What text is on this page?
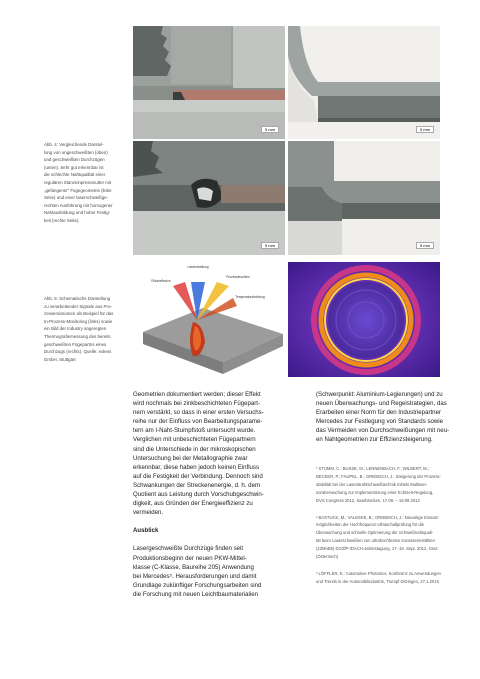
5 mm	5 mm
5 mm	5 mm

Abb. 4: Vergleichende Darstel-
lung von ungeschweißten (oben)
und geschweißten Durchzügen
(unten). Sehr gut erkennbar ist
die schlechte Nahtqualität einer
regulären Stanzeinpressmutter mit
„gefangener“ Fügegeometrie (linke
Seite) und einer laserschweißge-
rechten Ausführung mit homogener
Nahtausbildung und hoher Festig-
keit (rechte Seite).

Rückreflexion
Laserstrahlung
Prozessleuchten
Temperaturstrahlung

Abb. 5: Schematische Darstellung
zu verarbeitender Signale aus Pro-
zessemissionen als Beispiel für das
In-Prozess-Monitoring (links) sowie
ein Bild der Industry angeregten
Thermografiemessung des bereits
geschweißten Fügepartns eines
Durchzugs (rechts). Quelle: edevis
GmbH, Stuttgart

Geometrien dokumentiert werden; dieser Effekt
wird nochmals bei zinkbeschichteten Fügepart-
nern verstärkt, so dass in einer ersten Versuchs-
reihe nur der Einfluss von Bearbeitungsparame-
tern am I-Naht-Stumpfstoß untersucht wurde.
Verglichen mit unbeschichteten Fügepartnern
sind die Unterschiede in der mikroskopischen
Untersuchung bei der Metallographie zwar
erkennbar, diese haben jedoch keinen Einfluss
auf die Festigkeit der Verbindung. Dennoch sind
Schwankungen der Streckenenergie, d. h. dem
Quotient aus Leistung durch Vorschubgeschwin-
digkeit, aus Gründen der Energieeffizienz zu
vermeiden.

Ausblick

Lasergeschweißte Durchzüge finden seit
Produktionsbeginn der neuen PKW-Mittel-
klasse (C-Klasse, Baureihe 205) Anwendung
bei Mercedes⁵. Herausforderungen und damit
Grundlage zukünftiger Forschungsarbeiten sind
die Forschung mit neuen Leichtbaumaterialien

(Schwerpunkt: Aluminium-Legierungen) und zu
neuen Überwachungs- und Regelstrategien, das
Erarbeiten einer Norm für den Industriepartner
Mercedes zur Festlegung von Standards sowie
das Vermeiden von Durchschweißungen mit neu-
en Nahtgeometrien zur Effizienzsteigerung.

¹ STUMM, C.; BUSSE, M.; LENNENBACH, F.; WILBERT, M.;
BECKER, P.; FAUPEL, B.; GRIEBSCH, J.: Steigerung der Prozess-
stabilität bei der Laserstrahlschweißtechnik mittels Multisen-
sorüberwachung zur Implementierung einer Echtzeit-Regelung,
DVS Congress 2012, Saarbrücken, 17.09. – 19.09.2012

² BASTUCK, M.; VALESKE, B.; GRIEBSCH, J.: Neuartige Einsatz-
möglichkeiten der Hochfrequenz-Ultraschallprüfung für die
Überwachung und schnelle Optimierung der Schweißnahtquali-
tät beim Laserschweißen von ultrahochfesten Karosseriestählen
(22MnB5) DGZfP-/DACH-Jahrestagung, 17.-19. Sept. 2012, Graz
(Österreich)

³ LÖFFLER, K.: Automotive Photonics, Konferenz zu Anwendungen
und Trends in der Automobilindustrie, Trumpf Ditzingen, 27.1.2015
